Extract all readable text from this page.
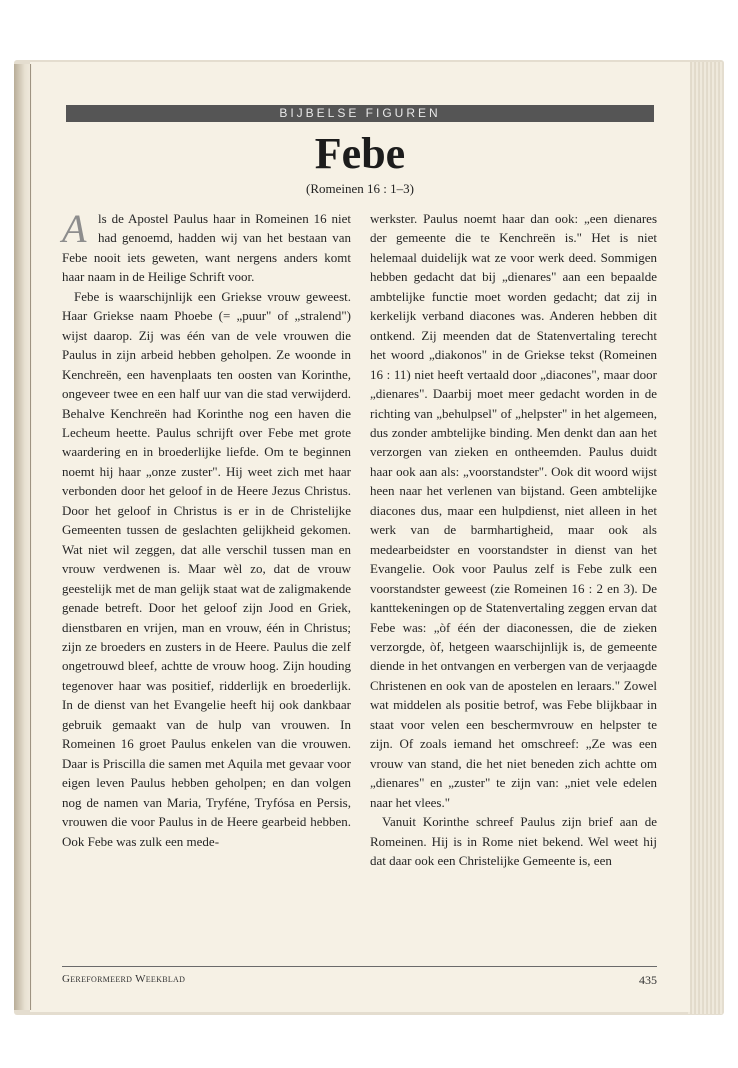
BIJBELSE FIGUREN
Febe
(Romeinen 16 : 1–3)

Als de Apostel Paulus haar in Romeinen 16 niet had genoemd, hadden wij van het bestaan van Febe nooit iets geweten, want nergens anders komt haar naam in de Heilige Schrift voor.

Febe is waarschijnlijk een Griekse vrouw geweest. Haar Griekse naam Phoebe (= „puur" of „stralend") wijst daarop. Zij was één van de vele vrouwen die Paulus in zijn arbeid hebben geholpen. Ze woonde in Kenchreën, een havenplaats ten oosten van Korinthe, ongeveer twee en een half uur van die stad verwijderd. Behalve Kenchreën had Korinthe nog een haven die Lecheum heette. Paulus schrijft over Febe met grote waardering en in broederlijke liefde. Om te beginnen noemt hij haar „onze zuster". Hij weet zich met haar verbonden door het geloof in de Heere Jezus Christus. Door het geloof in Christus is er in de Christelijke Gemeenten tussen de geslachten gelijkheid gekomen. Wat niet wil zeggen, dat alle verschil tussen man en vrouw verdwenen is. Maar wèl zo, dat de vrouw geestelijk met de man gelijk staat wat de zaligmakende genade betreft. Door het geloof zijn Jood en Griek, dienstbaren en vrijen, man en vrouw, één in Christus; zijn ze broeders en zusters in de Heere. Paulus die zelf ongetrouwd bleef, achtte de vrouw hoog. Zijn houding tegenover haar was positief, ridderlijk en broederlijk. In de dienst van het Evangelie heeft hij ook dankbaar gebruik gemaakt van de hulp van vrouwen. In Romeinen 16 groet Paulus enkelen van die vrouwen. Daar is Priscilla die samen met Aquila met gevaar voor eigen leven Paulus hebben geholpen; en dan volgen nog de namen van Maria, Tryféne, Tryfósa en Persis, vrouwen die voor Paulus in de Heere gearbeid hebben. Ook Febe was zulk een mede-

werkster. Paulus noemt haar dan ook: „een dienares der gemeente die te Kenchreën is." Het is niet helemaal duidelijk wat ze voor werk deed. Sommigen hebben gedacht dat bij „dienares" aan een bepaalde ambtelijke functie moet worden gedacht; dat zij in kerkelijk verband diacones was. Anderen hebben dit ontkend. Zij meenden dat de Statenvertaling terecht het woord „diakonos" in de Griekse tekst (Romeinen 16 : 11) niet heeft vertaald door „diacones", maar door „dienares". Daarbij moet meer gedacht worden in de richting van „behulpsel" of „helpster" in het algemeen, dus zonder ambtelijke binding. Men denkt dan aan het verzorgen van zieken en ontheemden. Paulus duidt haar ook aan als: „voorstandster". Ook dit woord wijst heen naar het verlenen van bijstand. Geen ambtelijke diacones dus, maar een hulpdienst, niet alleen in het werk van de barmhartigheid, maar ook als medearbeidster en voorstandster in dienst van het Evangelie. Ook voor Paulus zelf is Febe zulk een voorstandster geweest (zie Romeinen 16 : 2 en 3). De kanttekeningen op de Statenvertaling zeggen ervan dat Febe was: „òf één der diaconessen, die de zieken verzorgde, òf, hetgeen waarschijnlijk is, de gemeente diende in het ontvangen en verbergen van de verjaagde Christenen en ook van de apostelen en leraars." Zowel wat middelen als positie betrof, was Febe blijkbaar in staat voor velen een beschermvrouw en helpster te zijn. Of zoals iemand het omschreef: „Ze was een vrouw van stand, die het niet beneden zich achtte om „dienares" en „zuster" te zijn van: „niet vele edelen naar het vlees."

Vanuit Korinthe schreef Paulus zijn brief aan de Romeinen. Hij is in Rome niet bekend. Wel weet hij dat daar ook een Christelijke Gemeente is, een

Gereformeerd Weekblad	435
